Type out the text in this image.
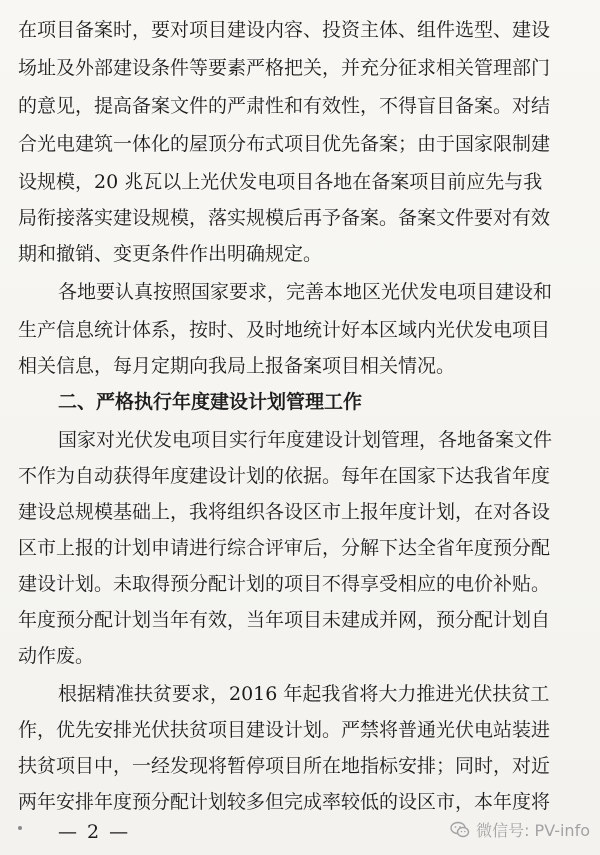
在项目备案时，要对项目建设内容、投资主体、组件选型、建设
场址及外部建设条件等要素严格把关，并充分征求相关管理部门
的意见，提高备案文件的严肃性和有效性，不得盲目备案。对结
合光电建筑一体化的屋顶分布式项目优先备案；由于国家限制建
设规模，20 兆瓦以上光伏发电项目各地在备案项目前应先与我
局衔接落实建设规模，落实规模后再予备案。备案文件要对有效
期和撤销、变更条件作出明确规定。
各地要认真按照国家要求，完善本地区光伏发电项目建设和
生产信息统计体系，按时、及时地统计好本区域内光伏发电项目
相关信息，每月定期向我局上报备案项目相关情况。
二、严格执行年度建设计划管理工作
国家对光伏发电项目实行年度建设计划管理，各地备案文件
不作为自动获得年度建设计划的依据。每年在国家下达我省年度
建设总规模基础上，我将组织各设区市上报年度计划，在对各设
区市上报的计划申请进行综合评审后，分解下达全省年度预分配
建设计划。未取得预分配计划的项目不得享受相应的电价补贴。
年度预分配计划当年有效，当年项目未建成并网，预分配计划自
动作废。
根据精准扶贫要求，2016 年起我省将大力推进光伏扶贫工
作，优先安排光伏扶贫项目建设计划。严禁将普通光伏电站装进
扶贫项目中，一经发现将暂停项目所在地指标安排；同时，对近
两年安排年度预分配计划较多但完成率较低的设区市，本年度将
— 2 —	微信号: PV-info
